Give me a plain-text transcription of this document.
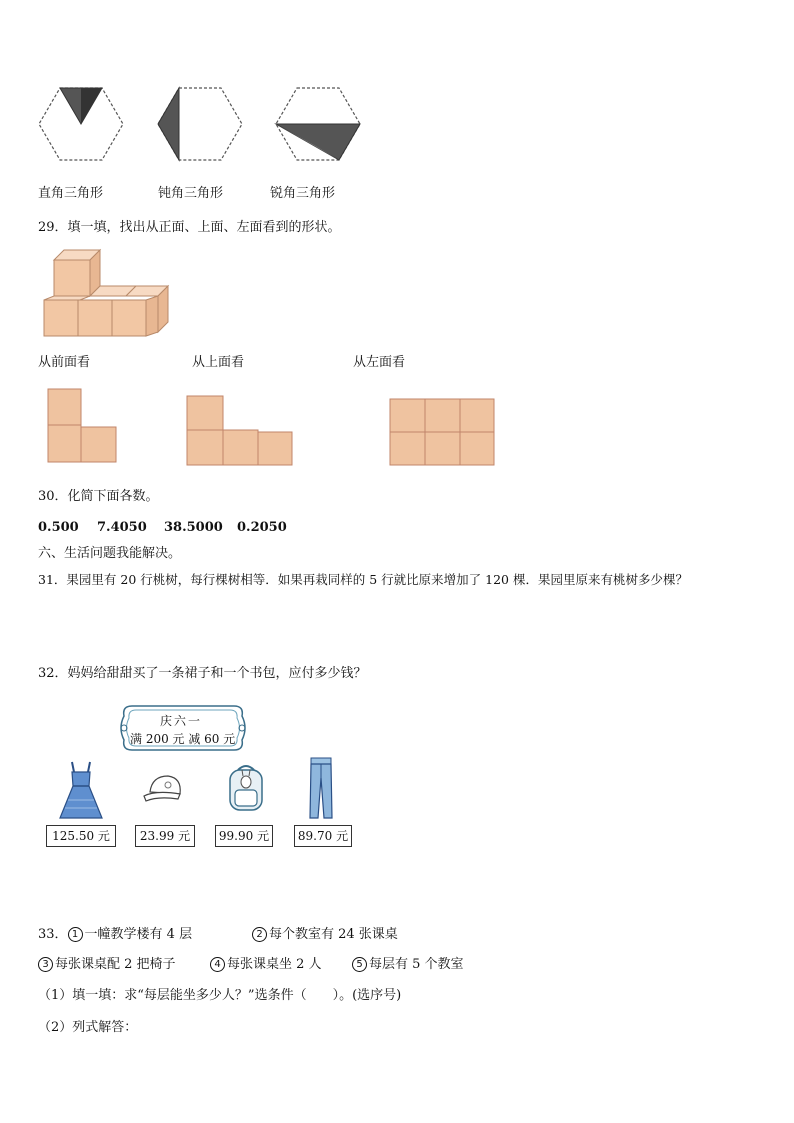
直角三角形	钝角三角形	锐角三角形
29．填一填，找出从正面、上面、左面看到的形状。
从前面看	从上面看	从左面看
30．化简下面各数。
0.500 7.4050 38.5000 0.2050
六、生活问题我能解决。
31．果园里有 20 行桃树，每行棵树相等．如果再栽同样的 5 行就比原来增加了 120 棵．果园里原来有桃树多少棵？
32．妈妈给甜甜买了一条裙子和一个书包，应付多少钱？
庆六一
满 200 元 减 60 元
125.50 元	23.99 元	99.90 元	89.70 元
33． 1 一幢教学楼有 4 层	2 每个教室有 24 张课桌
3 每张课桌配 2 把椅子	4 每张课桌坐 2 人	5 每层有 5 个教室
（1）填一填：求“每层能坐多少人？”选条件（　　）。(选序号)
（2）列式解答：
